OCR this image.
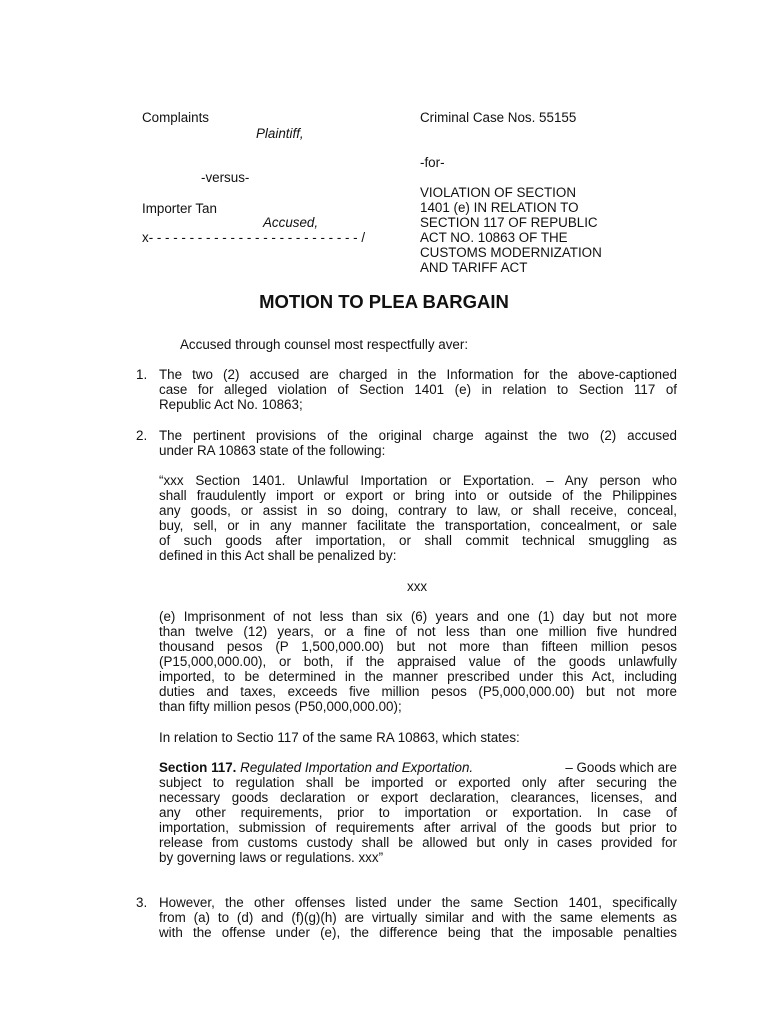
Complaints
Plaintiff,
-versus-
Importer Tan
Accused,
x- - - - - - - - - - - - - - - - - - - - - - - - - - /
Criminal Case Nos. 55155
-for-
VIOLATION OF SECTION
1401 (e) IN RELATION TO
SECTION 117 OF REPUBLIC
ACT NO. 10863 OF THE
CUSTOMS MODERNIZATION
AND TARIFF ACT
MOTION TO PLEA BARGAIN
Accused through counsel most respectfully aver:
1. The two (2) accused are charged in the Information for the above-captioned
case for alleged violation of Section 1401 (e) in relation to Section 117 of
Republic Act No. 10863;
2. The pertinent provisions of the original charge against the two (2) accused
under RA 10863 state of the following:
“xxx Section 1401. Unlawful Importation or Exportation. – Any person who
shall fraudulently import or export or bring into or outside of the Philippines
any goods, or assist in so doing, contrary to law, or shall receive, conceal,
buy, sell, or in any manner facilitate the transportation, concealment, or sale
of such goods after importation, or shall commit technical smuggling as
defined in this Act shall be penalized by:
xxx
(e) Imprisonment of not less than six (6) years and one (1) day but not more
than twelve (12) years, or a fine of not less than one million five hundred
thousand pesos (P 1,500,000.00) but not more than fifteen million pesos
(P15,000,000.00), or both, if the appraised value of the goods unlawfully
imported, to be determined in the manner prescribed under this Act, including
duties and taxes, exceeds five million pesos (P5,000,000.00) but not more
than fifty million pesos (P50,000,000.00);
In relation to Sectio 117 of the same RA 10863, which states:
Section 117. Regulated Importation and Exportation.	– Goods which are
subject to regulation shall be imported or exported only after securing the
necessary goods declaration or export declaration, clearances, licenses, and
any other requirements, prior to importation or exportation. In case of
importation, submission of requirements after arrival of the goods but prior to
release from customs custody shall be allowed but only in cases provided for
by governing laws or regulations. xxx”
3. However, the other offenses listed under the same Section 1401, specifically
from (a) to (d) and (f)(g)(h) are virtually similar and with the same elements as
with the offense under (e), the difference being that the imposable penalties
